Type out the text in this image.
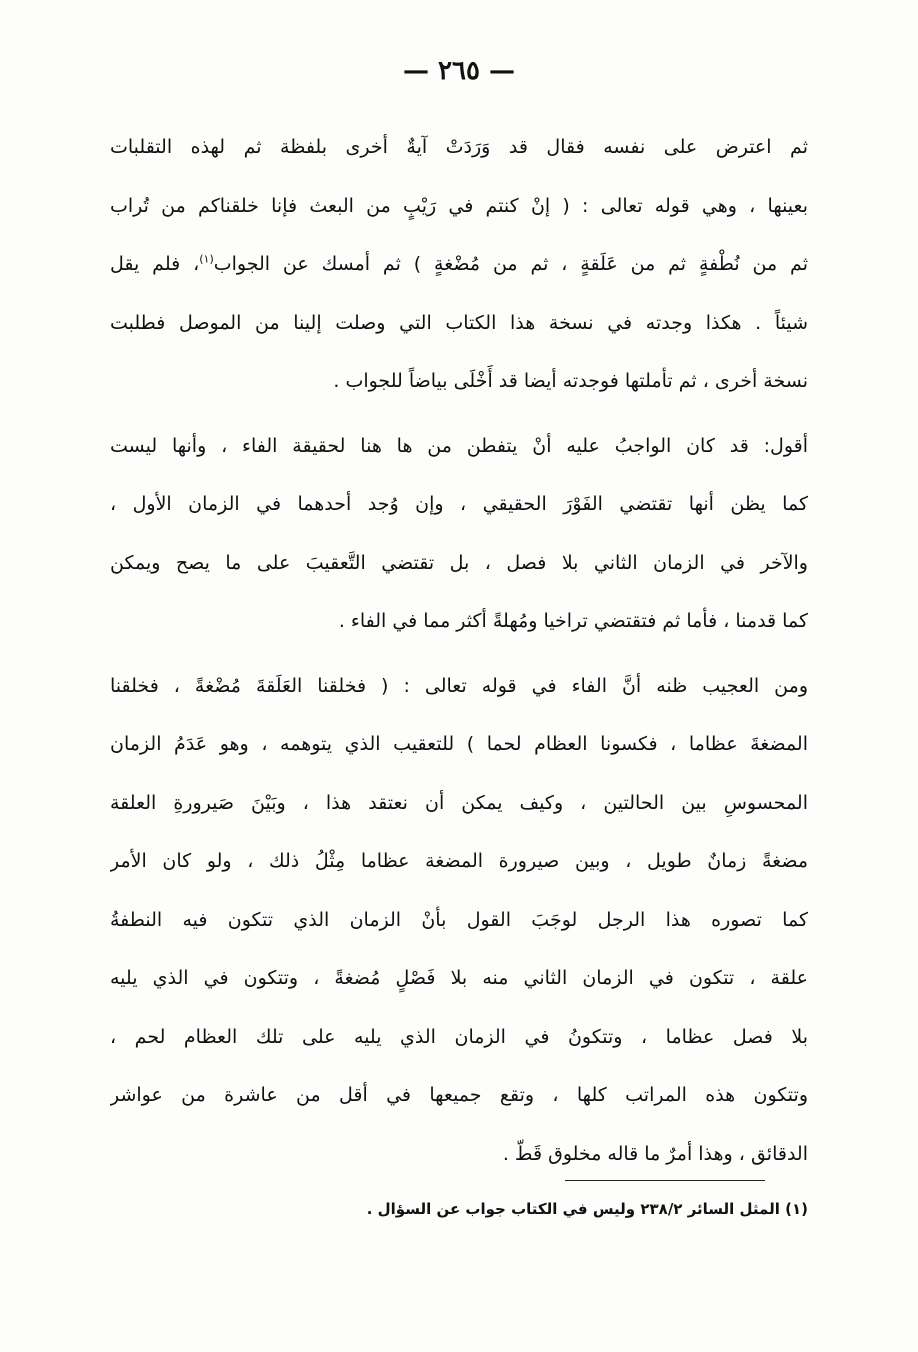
— ٢٦٥ —
ثم اعترض على نفسه فقال قد وَرَدَتْ آيةٌ أخرى بلفظة ثم لهذه التقلبات
بعينها ، وهي قوله تعالى : ( إنْ كنتم في رَيْبٍ من البعث فإنا خلقناكم من تُراب
ثم من نُطْفةٍ ثم من عَلَقةٍ ، ثم من مُضْغةٍ ) ثم أمسك عن الجواب$^{(١)}$، فلم يقل
شيئاً . هكذا وجدته في نسخة هذا الكتاب التي وصلت إلينا من الموصل فطلبت
نسخة أخرى ، ثم تأملتها فوجدته أيضا قد أَخْلَى بياضاً للجواب .
أقول: قد كان الواجبُ عليه أنْ يتفطن من ها هنا لحقيقة الفاء ، وأنها ليست
كما يظن أنها تقتضي الفَوْرَ الحقيقي ، وإن وُجد أحدهما في الزمان الأول ،
والآخر في الزمان الثاني بلا فصل ، بل تقتضي التَّعقيبَ على ما يصح ويمكن
كما قدمنا ، فأما ثم فتقتضي تراخيا ومُهلةً أكثر مما في الفاء .
ومن العجيب ظنه أنَّ الفاء في قوله تعالى : ( فخلقنا العَلَقةَ مُضْغةً ، فخلقنا
المضغةَ عظاما ، فكسونا العظام لحما ) للتعقيب الذي يتوهمه ، وهو عَدَمُ الزمان
المحسوسِ بين الحالتين ، وكيف يمكن أن نعتقد هذا ، وبَيْنَ صَيرورةِ العلقة
مضغةً زمانٌ طويل ، وبين صيرورة المضغة عظاما مِثْلُ ذلك ، ولو كان الأمر
كما تصوره هذا الرجل لوجَبَ القول بأنْ الزمان الذي تتكون فيه النطفةُ
علقة ، تتكون في الزمان الثاني منه بلا فَصْلٍ مُضغةً ، وتتكون في الذي يليه
بلا فصل عظاما ، وتتكونُ في الزمان الذي يليه على تلك العظام لحم ،
وتتكون هذه المراتب كلها ، وتقع جميعها في أقل من عاشرة من عواشر
الدقائق ، وهذا أمرٌ ما قاله مخلوق قَطّ .
(١) المثل السائر ٢٣٨/٢ وليس في الكتاب جواب عن السؤال .
